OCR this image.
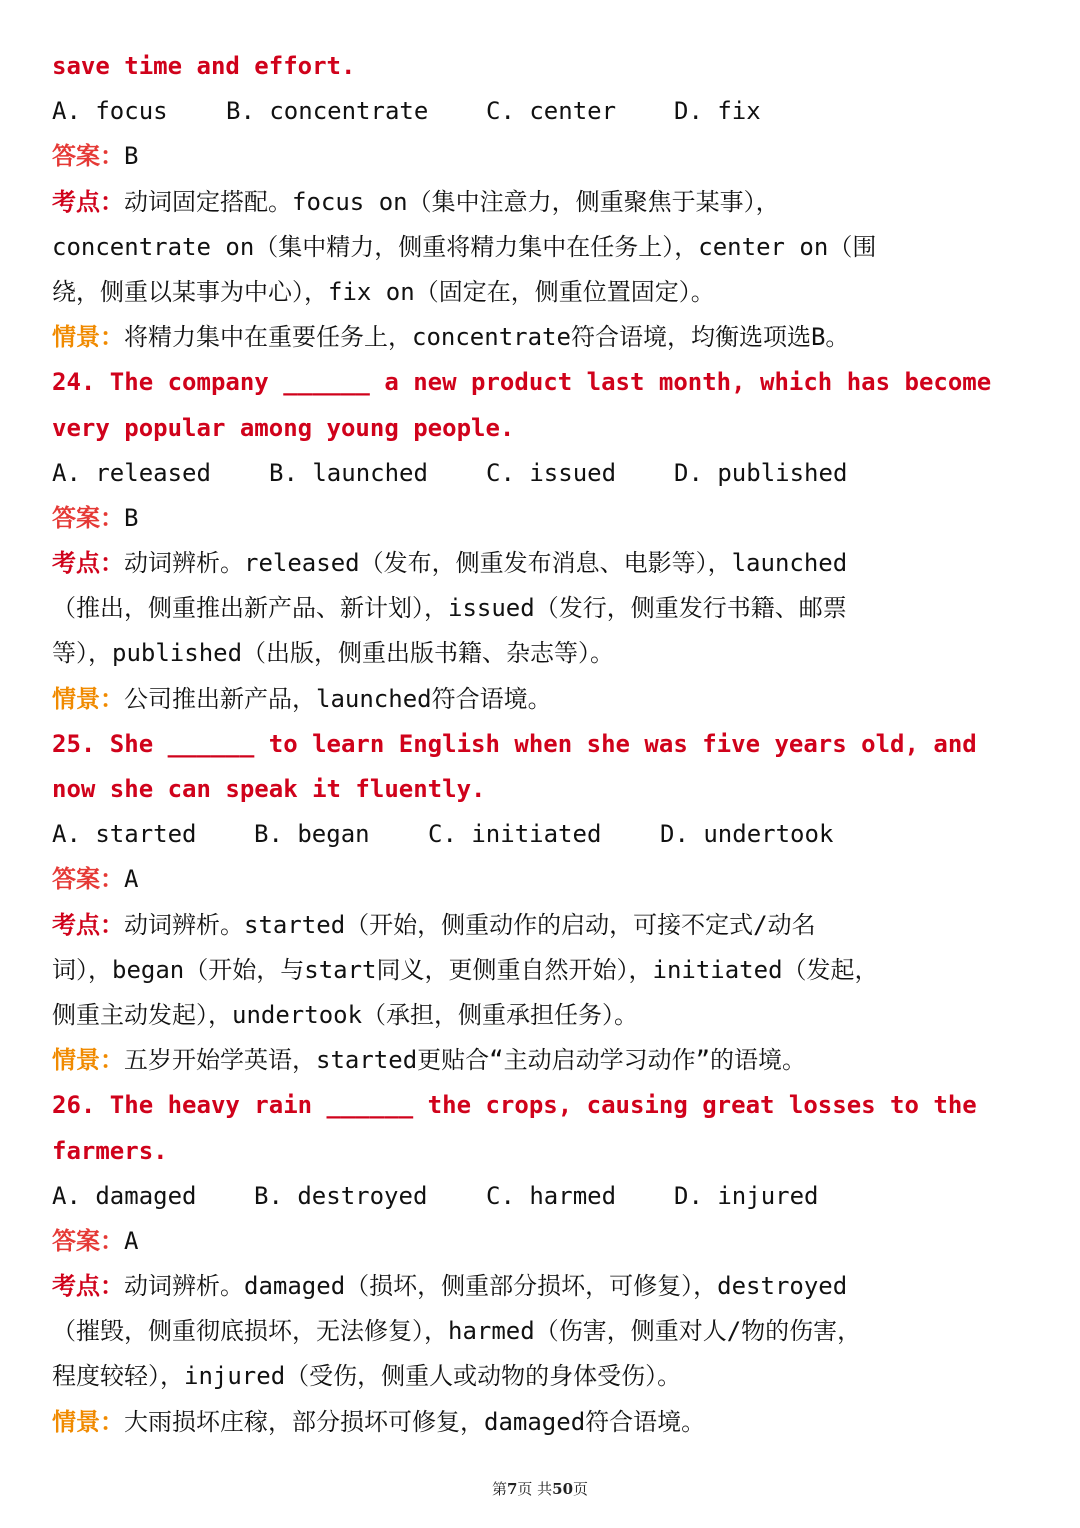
save time and effort.
A. focus B. concentrate C. center D. fix
答案：B
考点：动词固定搭配。focus on（集中注意力，侧重聚焦于某事），
concentrate on（集中精力，侧重将精力集中在任务上），center on（围
绕，侧重以某事为中心），fix on（固定在，侧重位置固定）。
情景：将精力集中在重要任务上，concentrate符合语境，均衡选项选B。
24. The company ______ a new product last month, which has become
very popular among young people.
A. released B. launched C. issued D. published
答案：B
考点：动词辨析。released（发布，侧重发布消息、电影等），launched
（推出，侧重推出新产品、新计划），issued（发行，侧重发行书籍、邮票
等），published（出版，侧重出版书籍、杂志等）。
情景：公司推出新产品，launched符合语境。
25. She ______ to learn English when she was five years old, and
now she can speak it fluently.
A. started B. began C. initiated D. undertook
答案：A
考点：动词辨析。started（开始，侧重动作的启动，可接不定式/动名
词），began（开始，与start同义，更侧重自然开始），initiated（发起，
侧重主动发起），undertook（承担，侧重承担任务）。
情景：五岁开始学英语，started更贴合“主动启动学习动作”的语境。
26. The heavy rain ______ the crops, causing great losses to the
farmers.
A. damaged B. destroyed C. harmed D. injured
答案：A
考点：动词辨析。damaged（损坏，侧重部分损坏，可修复），destroyed
（摧毁，侧重彻底损坏，无法修复），harmed（伤害，侧重对人/物的伤害，
程度较轻），injured（受伤，侧重人或动物的身体受伤）。
情景：大雨损坏庄稼，部分损坏可修复，damaged符合语境。
第7页 共50页
